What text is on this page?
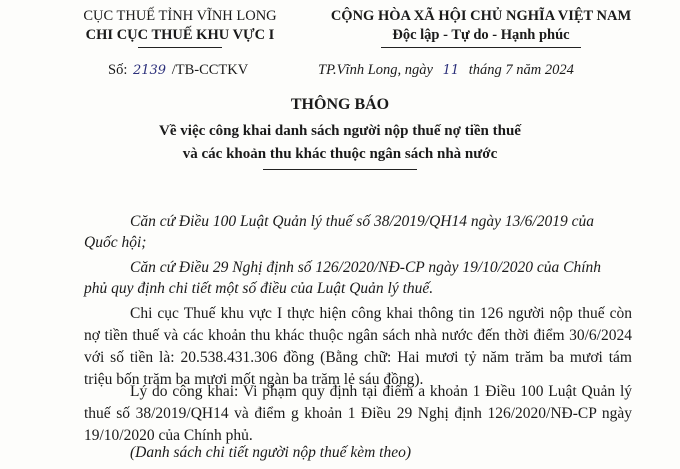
CỤC THUẾ TỈNH VĨNH LONG
CHI CỤC THUẾ KHU VỰC I
Số: 2139 /TB-CCTKV
CỘNG HÒA XÃ HỘI CHỦ NGHĨA VIỆT NAM
Độc lập - Tự do - Hạnh phúc
TP.Vĩnh Long, ngày 11 tháng 7 năm 2024
THÔNG BÁO
Về việc công khai danh sách người nộp thuế nợ tiền thuế
và các khoản thu khác thuộc ngân sách nhà nước
Căn cứ Điều 100 Luật Quản lý thuế số 38/2019/QH14 ngày 13/6/2019 của
Quốc hội;
Căn cứ Điều 29 Nghị định số 126/2020/NĐ-CP ngày 19/10/2020 của Chính
phủ quy định chi tiết một số điều của Luật Quản lý thuế.
Chi cục Thuế khu vực I thực hiện công khai thông tin 126 người nộp thuế còn nợ tiền thuế và các khoản thu khác thuộc ngân sách nhà nước đến thời điểm 30/6/2024 với số tiền là: 20.538.431.306 đồng (Bằng chữ: Hai mươi tỷ năm trăm ba mươi tám triệu bốn trăm ba mươi mốt ngàn ba trăm lẻ sáu đồng).
Lý do công khai: Vi phạm quy định tại điểm a khoản 1 Điều 100 Luật Quản lý thuế số 38/2019/QH14 và điểm g khoản 1 Điều 29 Nghị định 126/2020/NĐ-CP ngày 19/10/2020 của Chính phủ.
(Danh sách chi tiết người nộp thuế kèm theo)
